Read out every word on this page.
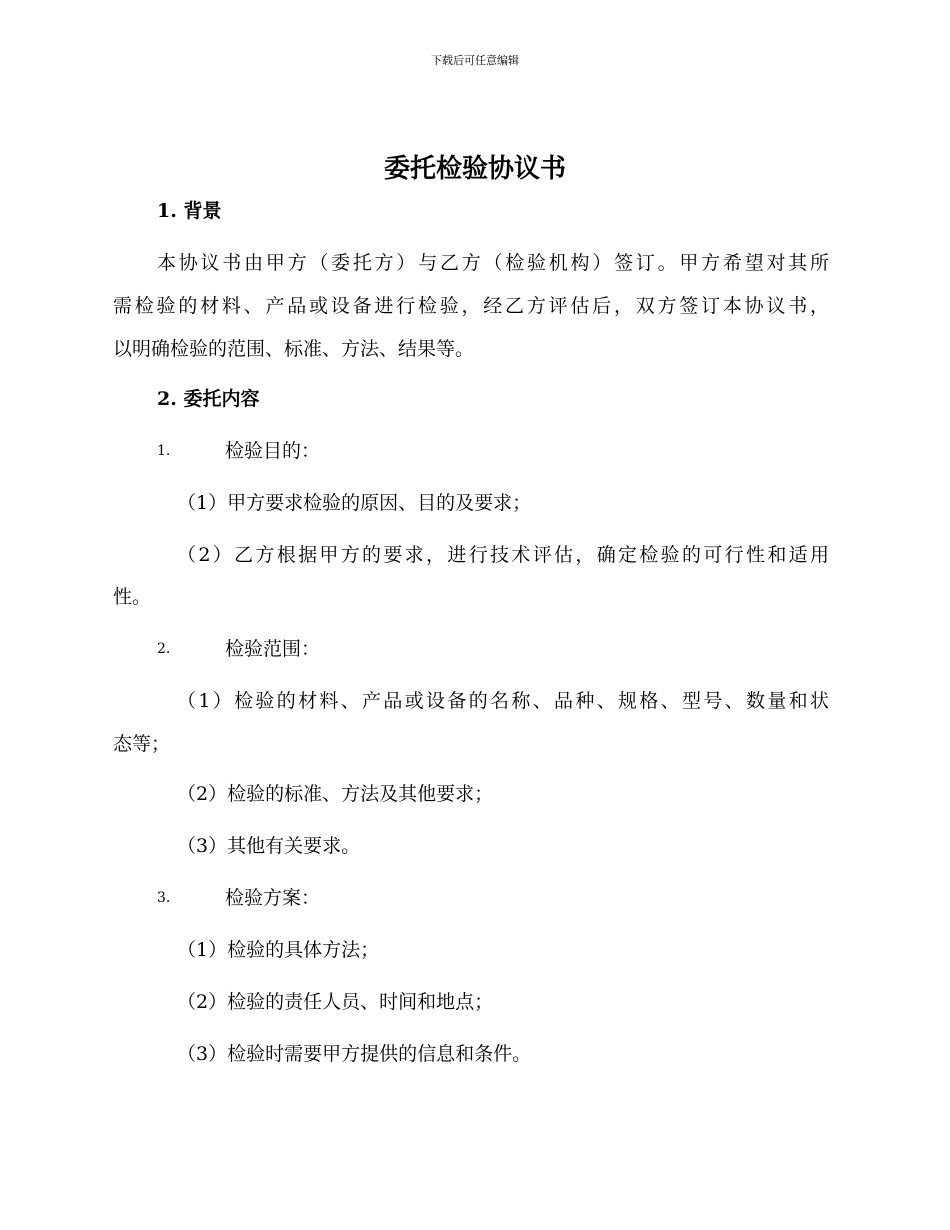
下载后可任意编辑
委托检验协议书
1. 背景
本协议书由甲方（委托方）与乙方（检验机构）签订。甲方希望对其所
需检验的材料、产品或设备进行检验，经乙方评估后，双方签订本协议书，
以明确检验的范围、标准、方法、结果等。
2. 委托内容
1.	检验目的：
（1）甲方要求检验的原因、目的及要求；
（2）乙方根据甲方的要求，进行技术评估，确定检验的可行性和适用
性。
2.	检验范围：
（1）检验的材料、产品或设备的名称、品种、规格、型号、数量和状
态等；
（2）检验的标准、方法及其他要求；
（3）其他有关要求。
3.	检验方案：
（1）检验的具体方法；
（2）检验的责任人员、时间和地点；
（3）检验时需要甲方提供的信息和条件。
